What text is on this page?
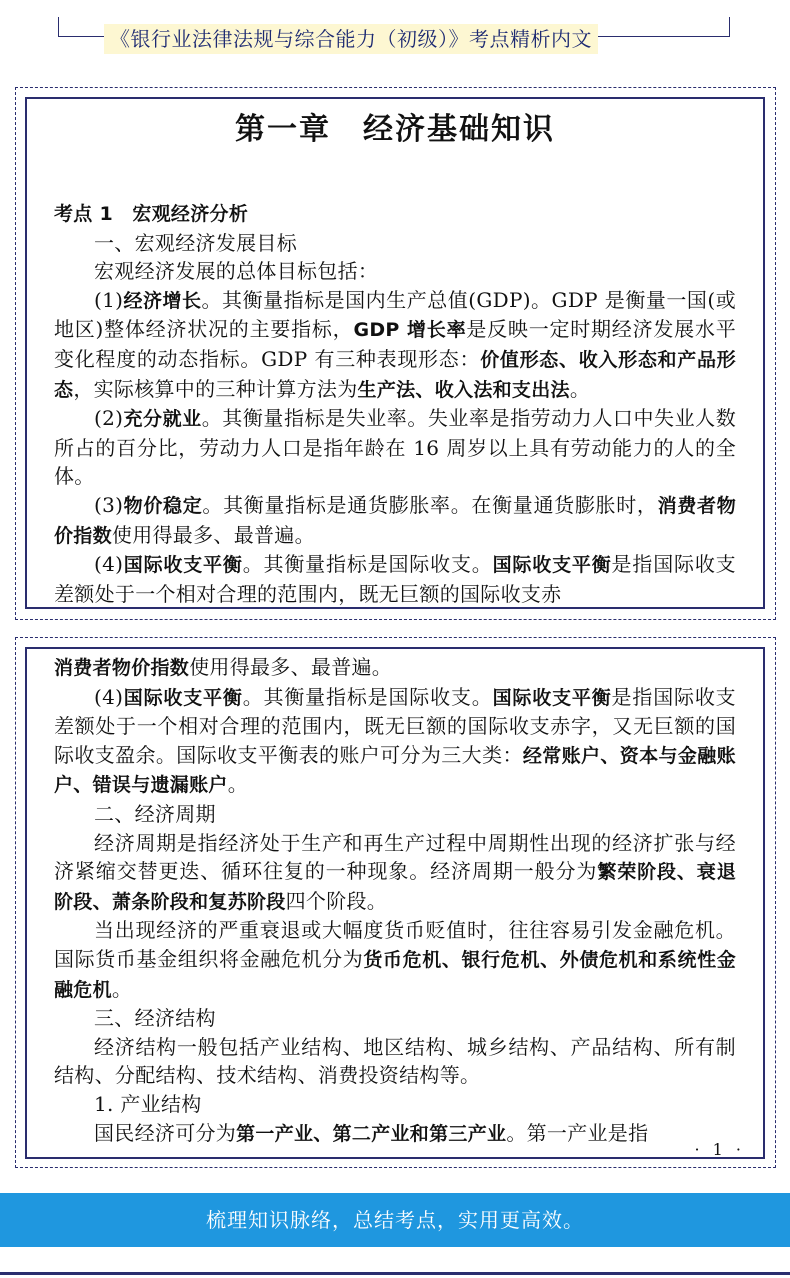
《银行业法律法规与综合能力（初级）》考点精析内文
第一章　经济基础知识

考点 1　宏观经济分析

一、宏观经济发展目标

宏观经济发展的总体目标包括：

(1)经济增长。其衡量指标是国内生产总值(GDP)。GDP 是衡量一国(或地区)整体经济状况的主要指标，GDP 增长率是反映一定时期经济发展水平变化程度的动态指标。GDP 有三种表现形态：价值形态、收入形态和产品形态，实际核算中的三种计算方法为生产法、收入法和支出法。

(2)充分就业。其衡量指标是失业率。失业率是指劳动力人口中失业人数所占的百分比，劳动力人口是指年龄在 16 周岁以上具有劳动能力的人的全体。

(3)物价稳定。其衡量指标是通货膨胀率。在衡量通货膨胀时，消费者物价指数使用得最多、最普遍。

(4)国际收支平衡。其衡量指标是国际收支。国际收支平衡是指国际收支差额处于一个相对合理的范围内，既无巨额的国际收支赤

消费者物价指数使用得最多、最普遍。

(4)国际收支平衡。其衡量指标是国际收支。国际收支平衡是指国际收支差额处于一个相对合理的范围内，既无巨额的国际收支赤字，又无巨额的国际收支盈余。国际收支平衡表的账户可分为三大类：经常账户、资本与金融账户、错误与遗漏账户。

二、经济周期

经济周期是指经济处于生产和再生产过程中周期性出现的经济扩张与经济紧缩交替更迭、循环往复的一种现象。经济周期一般分为繁荣阶段、衰退阶段、萧条阶段和复苏阶段四个阶段。

当出现经济的严重衰退或大幅度货币贬值时，往往容易引发金融危机。国际货币基金组织将金融危机分为货币危机、银行危机、外债危机和系统性金融危机。

三、经济结构

经济结构一般包括产业结构、地区结构、城乡结构、产品结构、所有制结构、分配结构、技术结构、消费投资结构等。

1. 产业结构

国民经济可分为第一产业、第二产业和第三产业。第一产业是指

· 1 ·
梳理知识脉络，总结考点，实用更高效。
